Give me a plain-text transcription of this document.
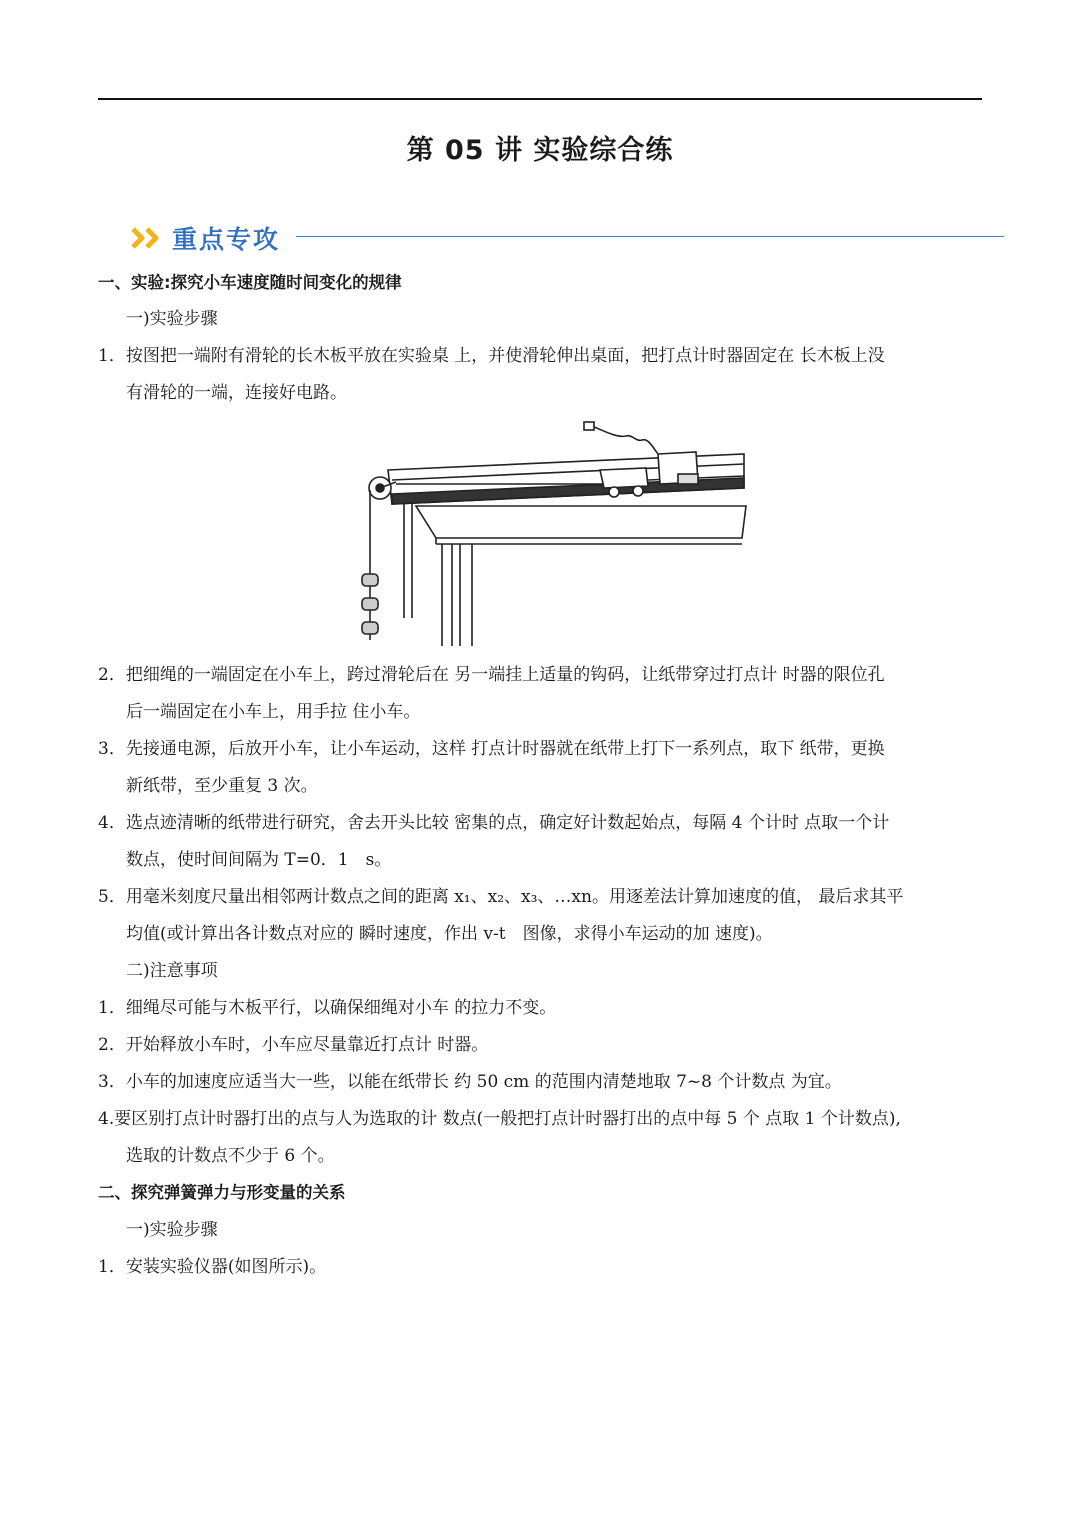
第 05 讲 实验综合练
重点专攻
一、实验:探究小车速度随时间变化的规律
一)实验步骤
1．按图把一端附有滑轮的长木板平放在实验桌 上，并使滑轮伸出桌面，把打点计时器固定在 长木板上没
有滑轮的一端，连接好电路。
2．把细绳的一端固定在小车上，跨过滑轮后在 另一端挂上适量的钩码，让纸带穿过打点计 时器的限位孔
后一端固定在小车上，用手拉 住小车。
3．先接通电源，后放开小车，让小车运动，这样 打点计时器就在纸带上打下一系列点，取下 纸带，更换
新纸带，至少重复 3 次。
4．选点迹清晰的纸带进行研究，舍去开头比较 密集的点，确定好计数起始点，每隔 4 个计时 点取一个计
数点，使时间间隔为 T=0．1　s。
5．用毫米刻度尺量出相邻两计数点之间的距离 x₁、x₂、x₃、…xn。用逐差法计算加速度的值， 最后求其平
均值(或计算出各计数点对应的 瞬时速度，作出 v-t　图像，求得小车运动的加 速度)。
二)注意事项
1．细绳尽可能与木板平行，以确保细绳对小车 的拉力不变。
2．开始释放小车时，小车应尽量靠近打点计 时器。
3．小车的加速度应适当大一些，以能在纸带长 约 50 cm 的范围内清楚地取 7~8 个计数点 为宜。
4.要区别打点计时器打出的点与人为选取的计 数点(一般把打点计时器打出的点中每 5 个 点取 1 个计数点),
选取的计数点不少于 6 个。
二、探究弹簧弹力与形变量的关系
一)实验步骤
1．安装实验仪器(如图所示)。
